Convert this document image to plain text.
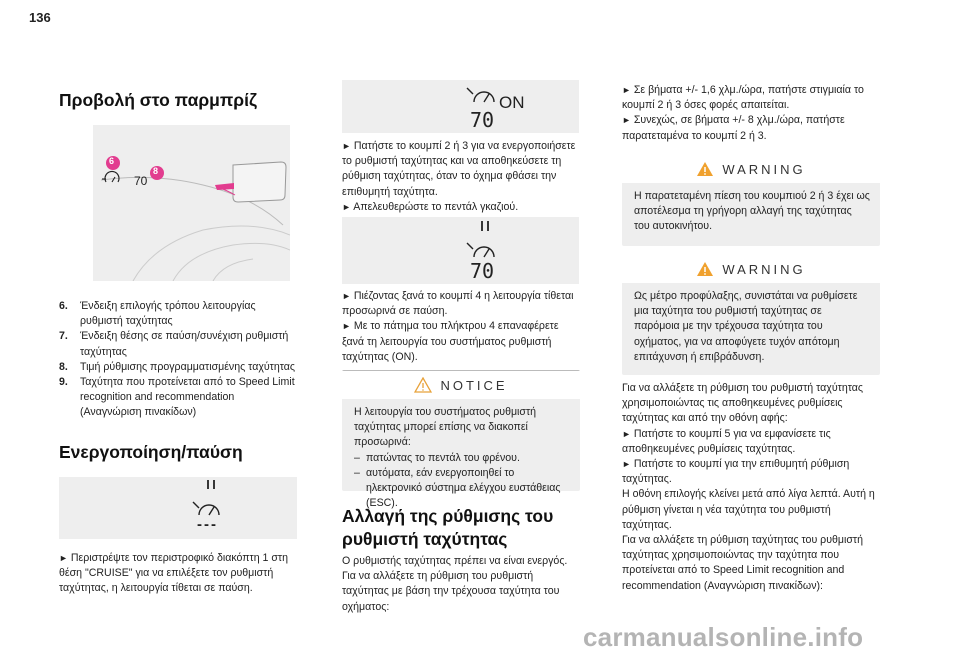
136
Προβολή στο παρμπρίζ
6
8
70
6.	Ένδειξη επιλογής τρόπου λειτουργίας ρυθμιστή ταχύτητας
7.	Ένδειξη θέσης σε παύση/συνέχιση ρυθμιστή ταχύτητας
8.	Τιμή ρύθμισης προγραμματισμένης ταχύτητας
9.	Ταχύτητα που προτείνεται από το Speed Limit recognition and recommendation (Αναγνώριση πινακίδων)
Ενεργοποίηση/παύση
---

► Περιστρέψτε τον περιστροφικό διακόπτη 1 στη θέση "CRUISE" για να επιλέξετε τον ρυθμιστή ταχύτητας, η λειτουργία τίθεται σε παύση.

ON
70

► Πατήστε το κουμπί 2 ή 3 για να ενεργοποιήσετε το ρυθμιστή ταχύτητας και να αποθηκεύσετε τη ρύθμιση ταχύτητας, όταν το όχημα φθάσει την επιθυμητή ταχύτητα.

► Απελευθερώστε το πεντάλ γκαζιού.

70

► Πιέζοντας ξανά το κουμπί 4 η λειτουργία τίθεται προσωρινά σε παύση.

► Με το πάτημα του πλήκτρου 4 επαναφέρετε ξανά τη λειτουργία του συστήματος ρυθμιστή ταχύτητας (ON).

NOTICE
Η λειτουργία του συστήματος ρυθμιστή ταχύτητας μπορεί επίσης να διακοπεί προσωρινά:
– πατώντας το πεντάλ του φρένου.
– αυτόματα, εάν ενεργοποιηθεί το ηλεκτρονικό σύστημα ελέγχου ευστάθειας (ESC).
Αλλαγή της ρύθμισης του ρυθμιστή ταχύτητας

Ο ρυθμιστής ταχύτητας πρέπει να είναι ενεργός. Για να αλλάξετε τη ρύθμιση του ρυθμιστή ταχύτητας με βάση την τρέχουσα ταχύτητα του οχήματος:

► Σε βήματα +/- 1,6 χλμ./ώρα, πατήστε στιγμιαία το κουμπί 2 ή 3 όσες φορές απαιτείται.

► Συνεχώς, σε βήματα +/- 8 χλμ./ώρα, πατήστε παρατεταμένα το κουμπί 2 ή 3.

WARNING
Η παρατεταμένη πίεση του κουμπιού 2 ή 3 έχει ως αποτέλεσμα τη γρήγορη αλλαγή της ταχύτητας του αυτοκινήτου.
WARNING
Ως μέτρο προφύλαξης, συνιστάται να ρυθμίσετε μια ταχύτητα του ρυθμιστή ταχύτητας σε παρόμοια με την τρέχουσα ταχύτητα του οχήματος, για να αποφύγετε τυχόν απότομη επιτάχυνση ή επιβράδυνση.

Για να αλλάξετε τη ρύθμιση του ρυθμιστή ταχύτητας χρησιμοποιώντας τις αποθηκευμένες ρυθμίσεις ταχύτητας και από την οθόνη αφής:

► Πατήστε το κουμπί 5 για να εμφανίσετε τις αποθηκευμένες ρυθμίσεις ταχύτητας.

► Πατήστε το κουμπί για την επιθυμητή ρύθμιση ταχύτητας.

Η οθόνη επιλογής κλείνει μετά από λίγα λεπτά. Αυτή η ρύθμιση γίνεται η νέα ταχύτητα του ρυθμιστή ταχύτητας.

Για να αλλάξετε τη ρύθμιση ταχύτητας του ρυθμιστή ταχύτητας χρησιμοποιώντας την ταχύτητα που προτείνεται από το Speed Limit recognition and recommendation (Αναγνώριση πινακίδων):

carmanualsonline.info
